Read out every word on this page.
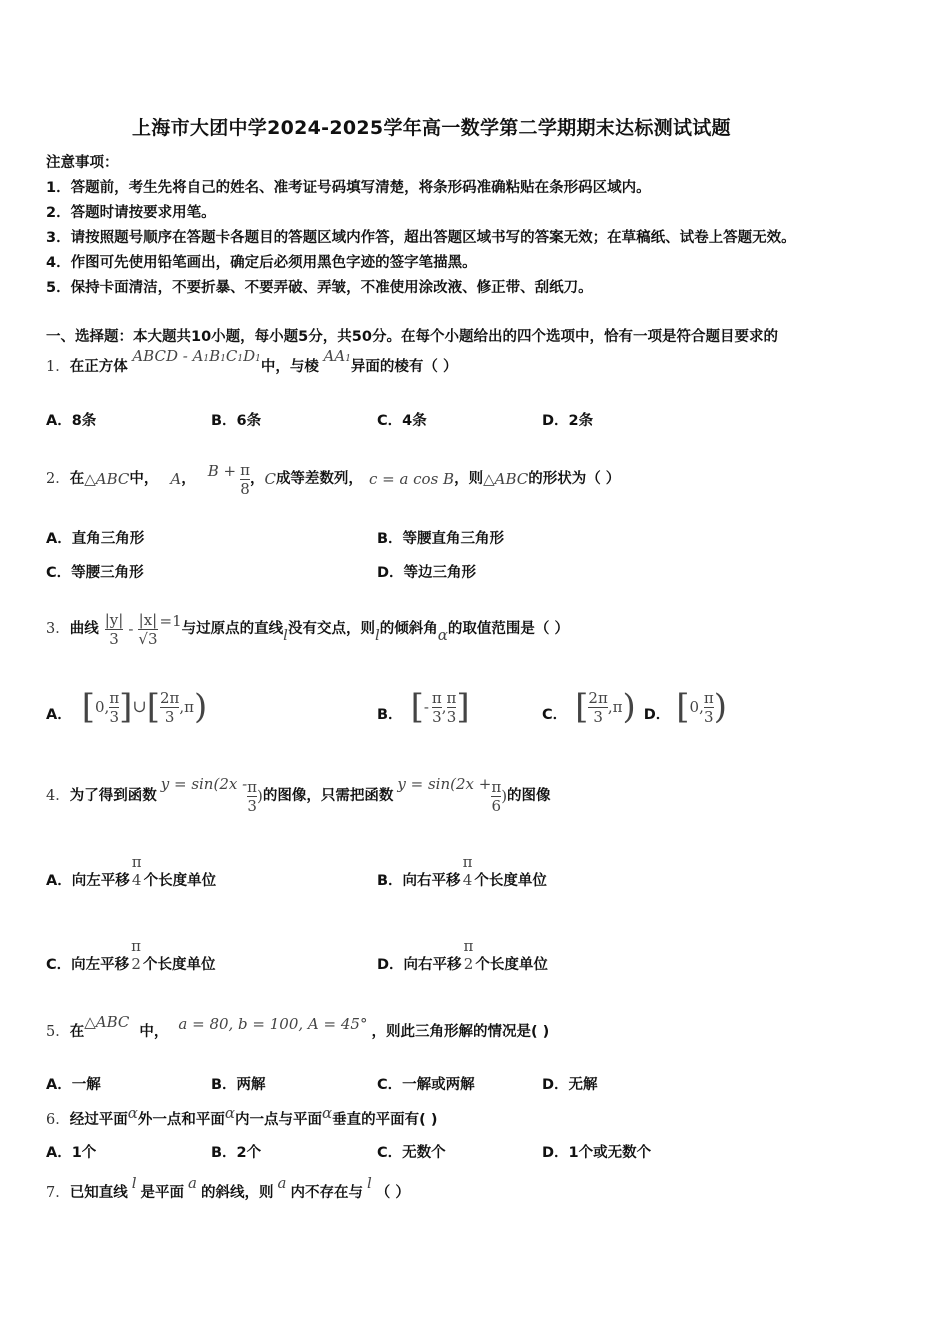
上海市大团中学2024-2025学年高一数学第二学期期末达标测试试题
注意事项：
1．答题前，考生先将自己的姓名、准考证号码填写清楚，将条形码准确粘贴在条形码区域内。
2．答题时请按要求用笔。
3．请按照题号顺序在答题卡各题目的答题区域内作答，超出答题区域书写的答案无效；在草稿纸、试卷上答题无效。
4．作图可先使用铅笔画出，确定后必须用黑色字迹的签字笔描黑。
5．保持卡面清洁，不要折暴、不要弄破、弄皱，不准使用涂改液、修正带、刮纸刀。
一、选择题：本大题共10小题，每小题5分，共50分。在每个小题给出的四个选项中，恰有一项是符合题目要求的
1．在正方体 ABCD - A1B1C1D1中，与棱 AA1异面的棱有（ ）
A．8条	B．6条	C．4条	D．2条
2． 在 △ABC 中， A ， $B + \frac{\pi}{8}$ ， C 成等差数列， c = a cos B ，则 △ABC 的形状为（ ）
A．直角三角形	B．等腰直角三角形
C．等腰三角形	D．等边三角形
3． 曲线 $\frac{|y|}{3} - \frac{|x|}{√3} =1$ 与过原点的直线 l 没有交点，则 l 的倾斜角 α 的取值范围是（ ）
A． [ 0, $\frac{\pi}{3}$ ] ∪ [ $\frac{2\pi}{3} ,\pi$ )	B． [ - $\frac{\pi}{3}$ , $\frac{\pi}{3}$ ]	C． [ $\frac{2\pi}{3} ,\pi$ ) D． [ 0, $\frac{\pi}{3}$ )
4． 为了得到函数
$y = \sin(2x - \frac{\pi}{3}$ ) 的图像，只需把函数
$y = \sin(2x + \frac{\pi}{6}$ ) 的图像
A．向左平移
π
4 个长度单位	B．向右平移
π
4 个长度单位
C．向左平移
π
2 个长度单位	D．向右平移
π
2 个长度单位
5． 在
△ABC
中， a = 80, b = 100, A = 45° ，则此三角形解的情况是( )
A．一解	B．两解	C．一解或两解	D．无解
6．经过平面α外一点和平面α内一点与平面α垂直的平面有( )
A．1个	B．2个	C．无数个	D．1个或无数个
7． 已知直线
l
是平面
a
的斜线，则
a
内不存在与
l
（ ）
